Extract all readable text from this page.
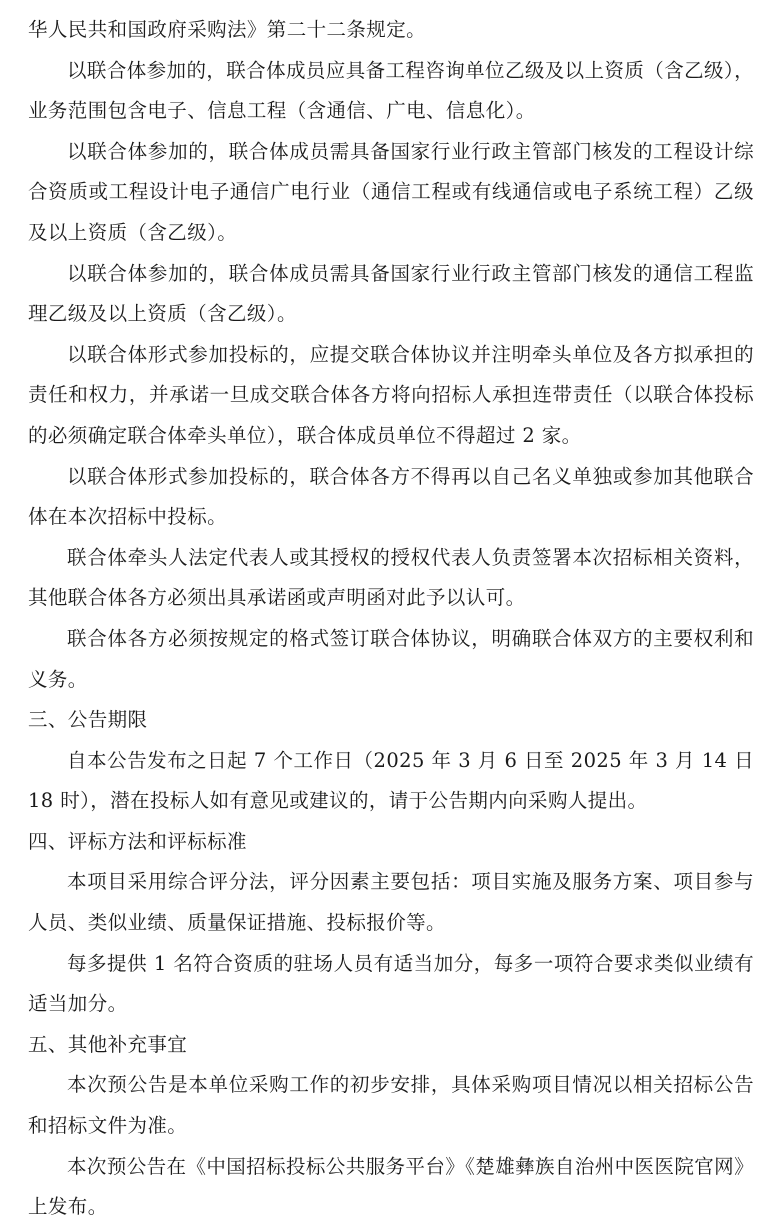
华人民共和国政府采购法》第二十二条规定。

以联合体参加的，联合体成员应具备工程咨询单位乙级及以上资质（含乙级），业务范围包含电子、信息工程（含通信、广电、信息化）。

以联合体参加的，联合体成员需具备国家行业行政主管部门核发的工程设计综合资质或工程设计电子通信广电行业（通信工程或有线通信或电子系统工程）乙级及以上资质（含乙级）。

以联合体参加的，联合体成员需具备国家行业行政主管部门核发的通信工程监理乙级及以上资质（含乙级）。

以联合体形式参加投标的，应提交联合体协议并注明牵头单位及各方拟承担的责任和权力，并承诺一旦成交联合体各方将向招标人承担连带责任（以联合体投标的必须确定联合体牵头单位），联合体成员单位不得超过 2 家。

以联合体形式参加投标的，联合体各方不得再以自己名义单独或参加其他联合体在本次招标中投标。

联合体牵头人法定代表人或其授权的授权代表人负责签署本次招标相关资料，其他联合体各方必须出具承诺函或声明函对此予以认可。

联合体各方必须按规定的格式签订联合体协议，明确联合体双方的主要权利和义务。

三、公告期限

自本公告发布之日起 7 个工作日（2025 年 3 月 6 日至 2025 年 3 月 14 日 18 时），潜在投标人如有意见或建议的，请于公告期内向采购人提出。

四、评标方法和评标标准

本项目采用综合评分法，评分因素主要包括：项目实施及服务方案、项目参与人员、类似业绩、质量保证措施、投标报价等。

每多提供 1 名符合资质的驻场人员有适当加分，每多一项符合要求类似业绩有适当加分。

五、其他补充事宜

本次预公告是本单位采购工作的初步安排，具体采购项目情况以相关招标公告和招标文件为准。

本次预公告在《中国招标投标公共服务平台》《楚雄彝族自治州中医医院官网》上发布。
